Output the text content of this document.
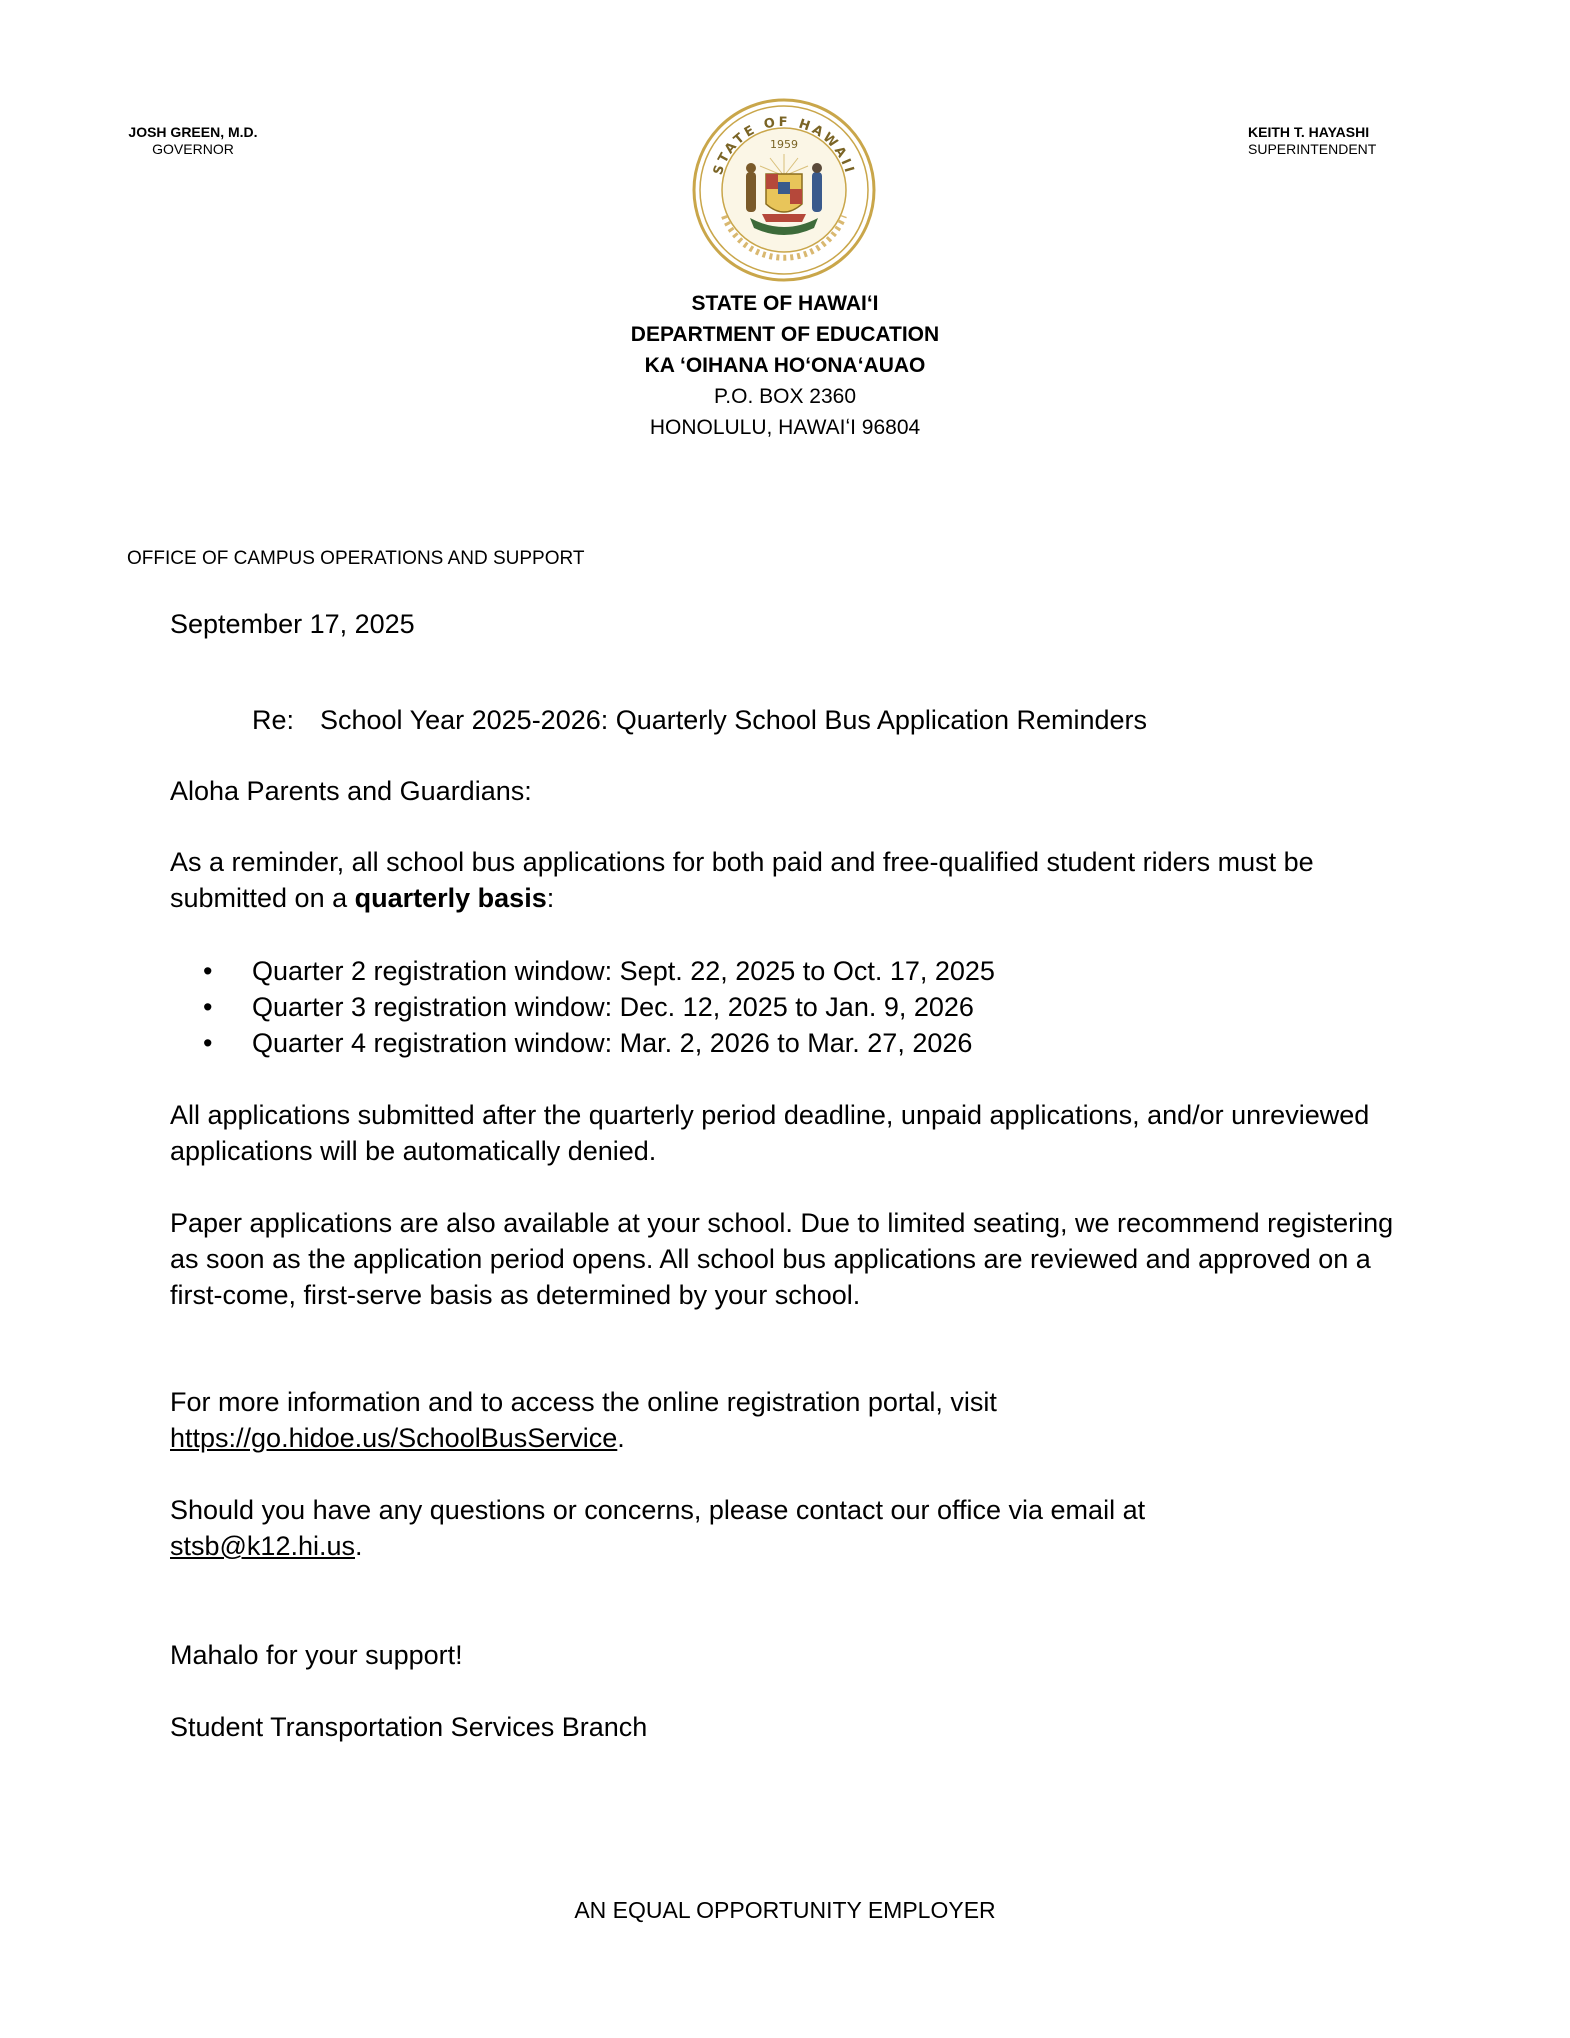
JOSH GREEN, M.D.
GOVERNOR
KEITH T. HAYASHI
SUPERINTENDENT
STATE OF HAWAII
1959
STATE OF HAWAIʻI
DEPARTMENT OF EDUCATION
KA ʻOIHANA HOʻONAʻAUAO
P.O. BOX 2360
HONOLULU, HAWAIʻI 96804
OFFICE OF CAMPUS OPERATIONS AND SUPPORT
September 17, 2025
Re: School Year 2025-2026: Quarterly School Bus Application Reminders
Aloha Parents and Guardians:
As a reminder, all school bus applications for both paid and free-qualified student riders must be submitted on a quarterly basis:
• Quarter 2 registration window: Sept. 22, 2025 to Oct. 17, 2025
• Quarter 3 registration window: Dec. 12, 2025 to Jan. 9, 2026
• Quarter 4 registration window: Mar. 2, 2026 to Mar. 27, 2026
All applications submitted after the quarterly period deadline, unpaid applications, and/or unreviewed applications will be automatically denied.
Paper applications are also available at your school. Due to limited seating, we recommend registering as soon as the application period opens. All school bus applications are reviewed and approved on a first-come, first-serve basis as determined by your school.
For more information and to access the online registration portal, visit
https://go.hidoe.us/SchoolBusService.
Should you have any questions or concerns, please contact our office via email at
stsb@k12.hi.us.
Mahalo for your support!
Student Transportation Services Branch
AN EQUAL OPPORTUNITY EMPLOYER
